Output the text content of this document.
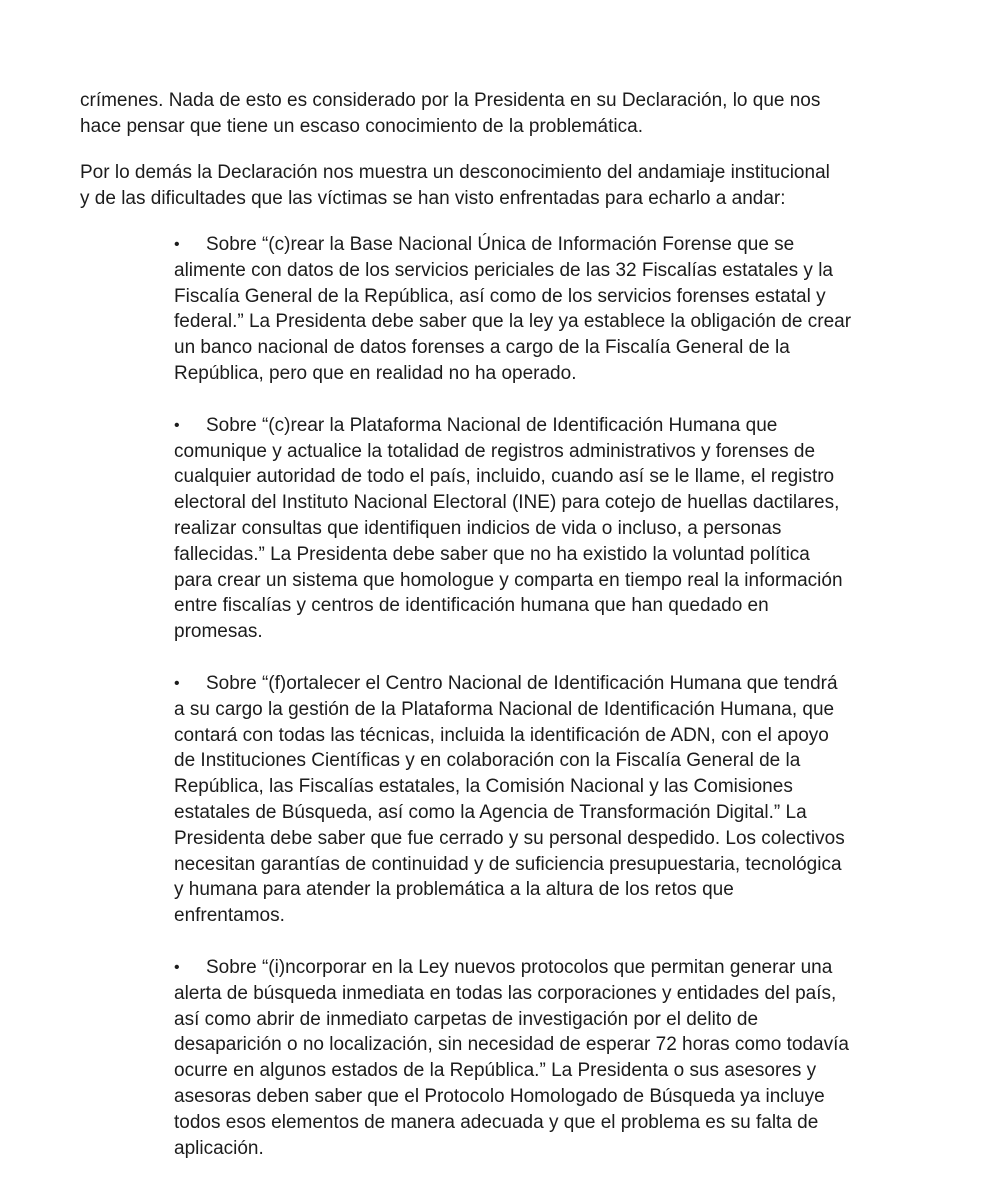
crímenes. Nada de esto es considerado por la Presidenta en su Declaración, lo que nos
hace pensar que tiene un escaso conocimiento de la problemática.

Por lo demás la Declaración nos muestra un desconocimiento del andamiaje institucional
y de las dificultades que las víctimas se han visto enfrentadas para echarlo a andar:

• Sobre “(c)rear la Base Nacional Única de Información Forense que se
alimente con datos de los servicios periciales de las 32 Fiscalías estatales y la
Fiscalía General de la República, así como de los servicios forenses estatal y
federal.” La Presidenta debe saber que la ley ya establece la obligación de crear
un banco nacional de datos forenses a cargo de la Fiscalía General de la
República, pero que en realidad no ha operado.
• Sobre “(c)rear la Plataforma Nacional de Identificación Humana que
comunique y actualice la totalidad de registros administrativos y forenses de
cualquier autoridad de todo el país, incluido, cuando así se le llame, el registro
electoral del Instituto Nacional Electoral (INE) para cotejo de huellas dactilares,
realizar consultas que identifiquen indicios de vida o incluso, a personas
fallecidas.” La Presidenta debe saber que no ha existido la voluntad política
para crear un sistema que homologue y comparta en tiempo real la información
entre fiscalías y centros de identificación humana que han quedado en
promesas.
• Sobre “(f)ortalecer el Centro Nacional de Identificación Humana que tendrá
a su cargo la gestión de la Plataforma Nacional de Identificación Humana, que
contará con todas las técnicas, incluida la identificación de ADN, con el apoyo
de Instituciones Científicas y en colaboración con la Fiscalía General de la
República, las Fiscalías estatales, la Comisión Nacional y las Comisiones
estatales de Búsqueda, así como la Agencia de Transformación Digital.” La
Presidenta debe saber que fue cerrado y su personal despedido. Los colectivos
necesitan garantías de continuidad y de suficiencia presupuestaria, tecnológica
y humana para atender la problemática a la altura de los retos que
enfrentamos.
• Sobre “(i)ncorporar en la Ley nuevos protocolos que permitan generar una
alerta de búsqueda inmediata en todas las corporaciones y entidades del país,
así como abrir de inmediato carpetas de investigación por el delito de
desaparición o no localización, sin necesidad de esperar 72 horas como todavía
ocurre en algunos estados de la República.” La Presidenta o sus asesores y
asesoras deben saber que el Protocolo Homologado de Búsqueda ya incluye
todos esos elementos de manera adecuada y que el problema es su falta de
aplicación.
